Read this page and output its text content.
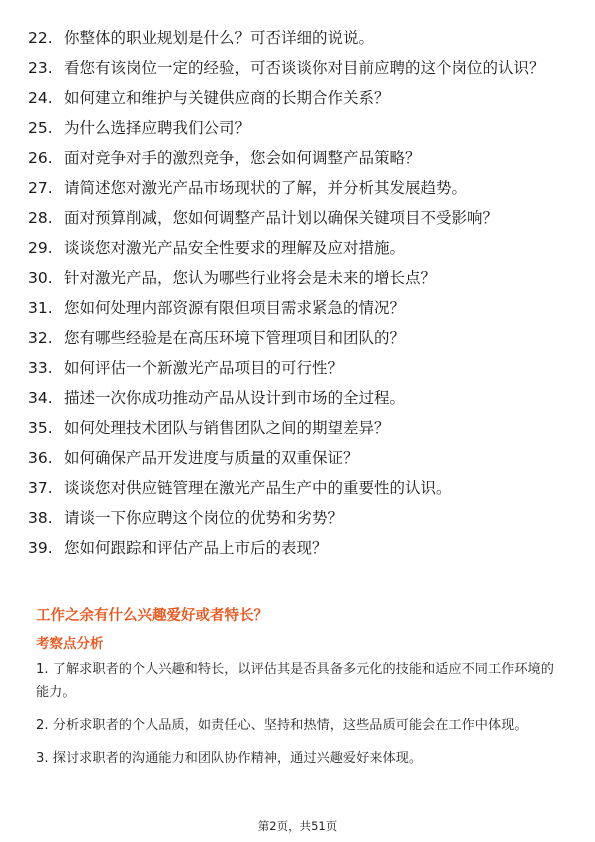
22. 你整体的职业规划是什么？可否详细的说说。
23. 看您有该岗位一定的经验，可否谈谈你对目前应聘的这个岗位的认识？
24. 如何建立和维护与关键供应商的长期合作关系？
25. 为什么选择应聘我们公司？
26. 面对竞争对手的激烈竞争，您会如何调整产品策略？
27. 请简述您对激光产品市场现状的了解，并分析其发展趋势。
28. 面对预算削减，您如何调整产品计划以确保关键项目不受影响？
29. 谈谈您对激光产品安全性要求的理解及应对措施。
30. 针对激光产品，您认为哪些行业将会是未来的增长点？
31. 您如何处理内部资源有限但项目需求紧急的情况？
32. 您有哪些经验是在高压环境下管理项目和团队的？
33. 如何评估一个新激光产品项目的可行性？
34. 描述一次你成功推动产品从设计到市场的全过程。
35. 如何处理技术团队与销售团队之间的期望差异？
36. 如何确保产品开发进度与质量的双重保证？
37. 谈谈您对供应链管理在激光产品生产中的重要性的认识。
38. 请谈一下你应聘这个岗位的优势和劣势？
39. 您如何跟踪和评估产品上市后的表现？
工作之余有什么兴趣爱好或者特长？
考察点分析
1. 了解求职者的个人兴趣和特长，以评估其是否具备多元化的技能和适应不同工作环境的能力。
2. 分析求职者的个人品质，如责任心、坚持和热情，这些品质可能会在工作中体现。
3. 探讨求职者的沟通能力和团队协作精神，通过兴趣爱好来体现。
第2页，共51页
